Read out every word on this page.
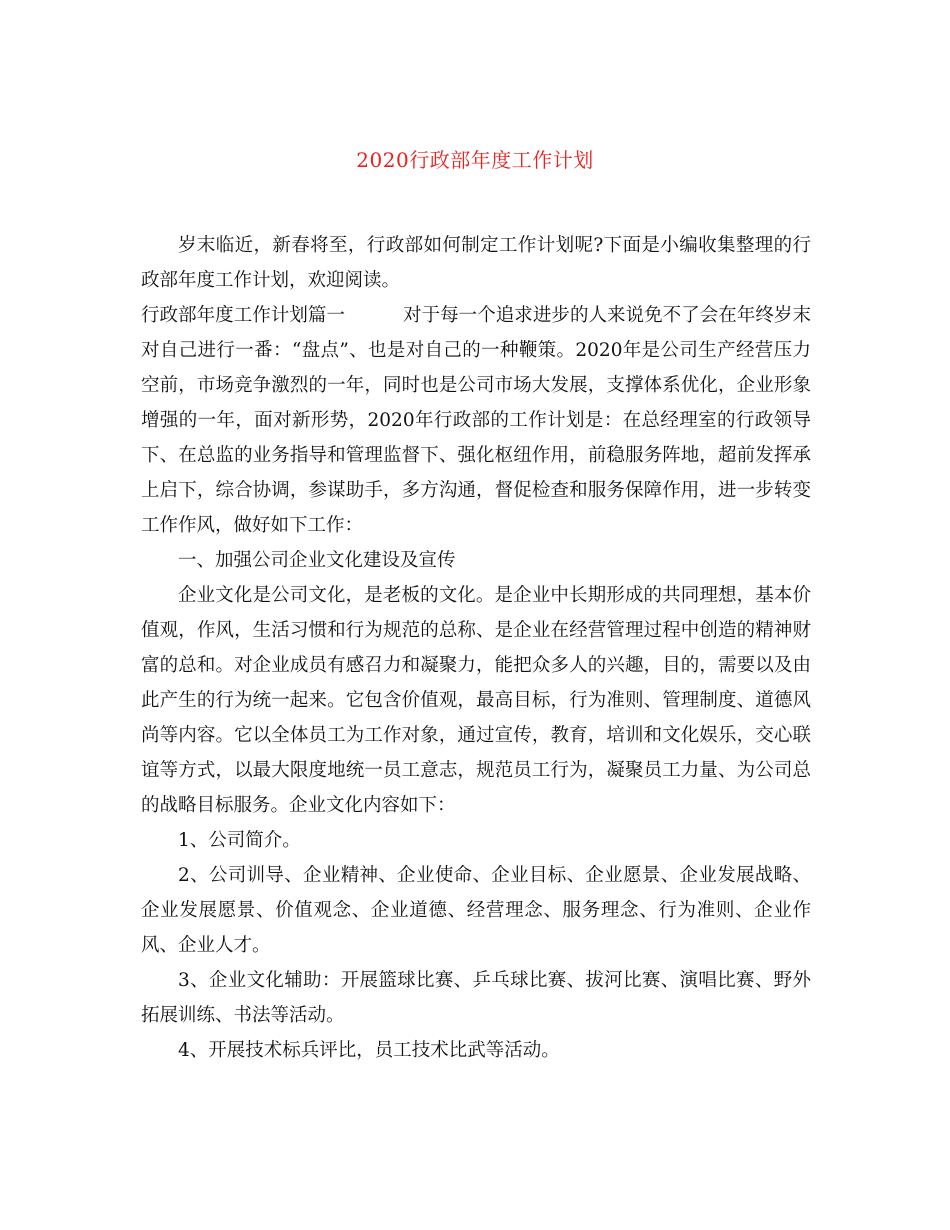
2020行政部年度工作计划

岁末临近，新春将至，行政部如何制定工作计划呢?下面是小编收集整理的行政部年度工作计划，欢迎阅读。

行政部年度工作计划篇一	对于每一个追求进步的人来说免不了会在年终岁末对自己进行一番：“盘点”、也是对自己的一种鞭策。2020年是公司生产经营压力空前，市场竞争激烈的一年，同时也是公司市场大发展，支撑体系优化，企业形象增强的一年，面对新形势，2020年行政部的工作计划是：在总经理室的行政领导下、在总监的业务指导和管理监督下、强化枢纽作用，前稳服务阵地，超前发挥承上启下，综合协调，参谋助手，多方沟通，督促检查和服务保障作用，进一步转变工作作风，做好如下工作：

一、加强公司企业文化建设及宣传

企业文化是公司文化，是老板的文化。是企业中长期形成的共同理想，基本价值观，作风，生活习惯和行为规范的总称、是企业在经营管理过程中创造的精神财富的总和。对企业成员有感召力和凝聚力，能把众多人的兴趣，目的，需要以及由此产生的行为统一起来。它包含价值观，最高目标，行为准则、管理制度、道德风尚等内容。它以全体员工为工作对象，通过宣传，教育，培训和文化娱乐，交心联谊等方式，以最大限度地统一员工意志，规范员工行为，凝聚员工力量、为公司总的战略目标服务。企业文化内容如下：

1、公司简介。

2、公司训导、企业精神、企业使命、企业目标、企业愿景、企业发展战略、企业发展愿景、价值观念、企业道德、经营理念、服务理念、行为准则、企业作风、企业人才。

3、企业文化辅助：开展篮球比赛、乒乓球比赛、拔河比赛、演唱比赛、野外拓展训练、书法等活动。

4、开展技术标兵评比，员工技术比武等活动。
